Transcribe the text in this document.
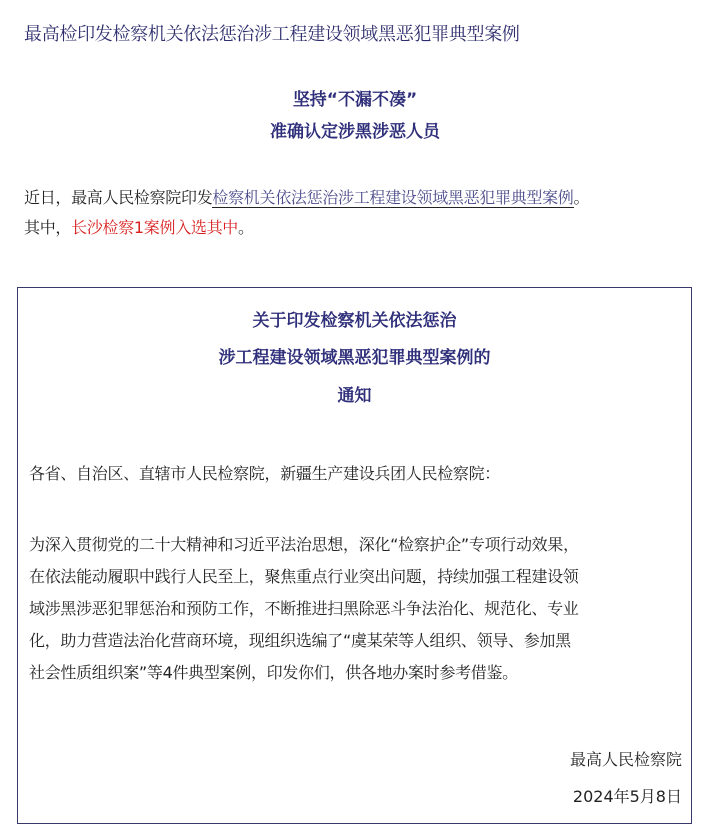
最高检印发检察机关依法惩治涉工程建设领域黑恶犯罪典型案例
坚持“不漏不凑”
准确认定涉黑涉恶人员
近日，最高人民检察院印发检察机关依法惩治涉工程建设领域黑恶犯罪典型案例。
其中，长沙检察1案例入选其中。
关于印发检察机关依法惩治
涉工程建设领域黑恶犯罪典型案例的
通知
各省、自治区、直辖市人民检察院，新疆生产建设兵团人民检察院：
为深入贯彻党的二十大精神和习近平法治思想，深化“检察护企”专项行动效果，
在依法能动履职中践行人民至上，聚焦重点行业突出问题，持续加强工程建设领
域涉黑涉恶犯罪惩治和预防工作，不断推进扫黑除恶斗争法治化、规范化、专业
化，助力营造法治化营商环境，现组织选编了“虞某荣等人组织、领导、参加黑
社会性质组织案”等4件典型案例，印发你们，供各地办案时参考借鉴。
最高人民检察院
2024年5月8日
